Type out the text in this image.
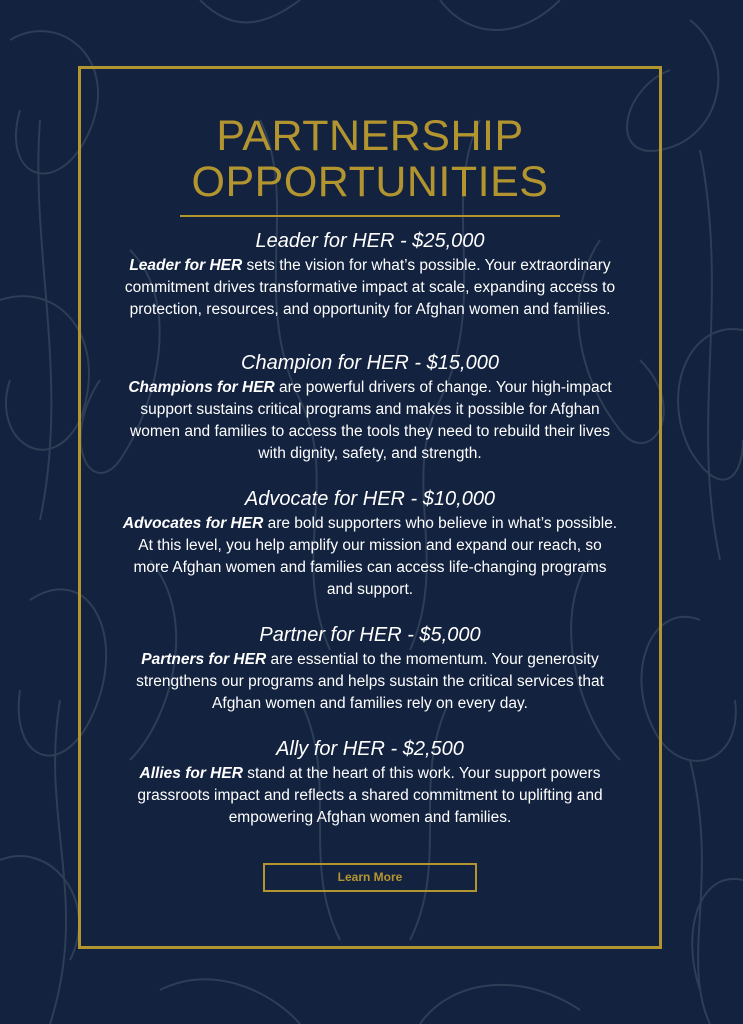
PARTNERSHIP
OPPORTUNITIES

Leader for HER - $25,000

Leader for HER sets the vision for what’s possible. Your extraordinary commitment drives transformative impact at scale, expanding access to protection, resources, and opportunity for Afghan women and families.

Champion for HER - $15,000

Champions for HER are powerful drivers of change. Your high-impact support sustains critical programs and makes it possible for Afghan women and families to access the tools they need to rebuild their lives with dignity, safety, and strength.

Advocate for HER - $10,000

Advocates for HER are bold supporters who believe in what’s possible. At this level, you help amplify our mission and expand our reach, so more Afghan women and families can access life-changing programs and support.

Partner for HER - $5,000

Partners for HER are essential to the momentum. Your generosity strengthens our programs and helps sustain the critical services that Afghan women and families rely on every day.

Ally for HER - $2,500

Allies for HER stand at the heart of this work. Your support powers grassroots impact and reflects a shared commitment to uplifting and empowering Afghan women and families.

Learn More
